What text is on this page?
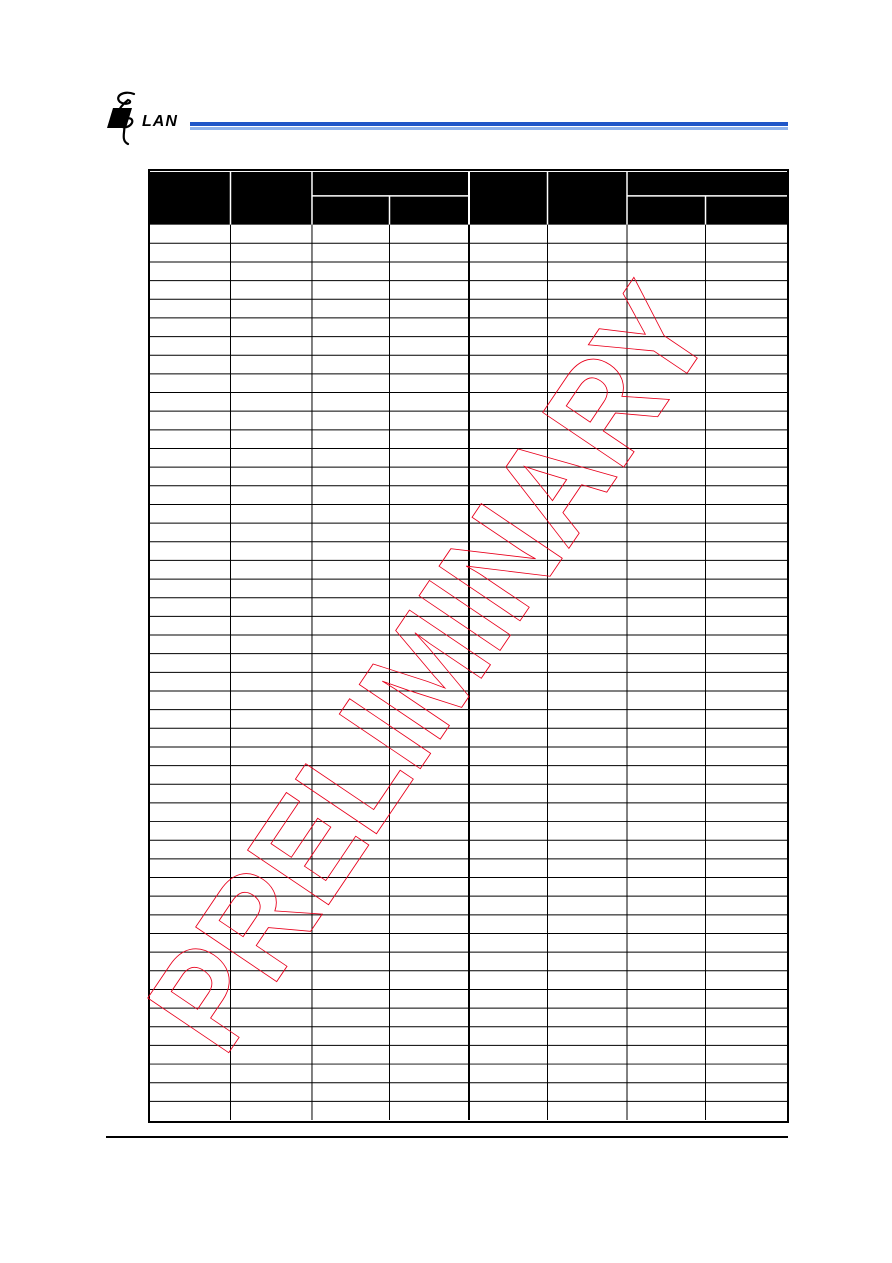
LAN
PRELIMINARY
